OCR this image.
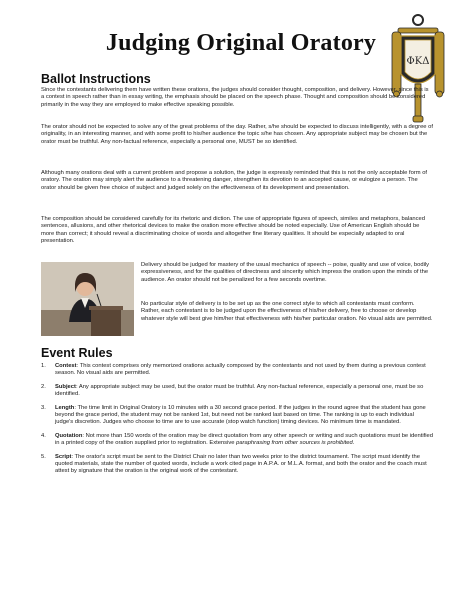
Judging Original Oratory
ΦΚΔ
Ballot Instructions

Since the contestants delivering them have written these orations, the judges should consider thought, composition, and delivery. However, since this is a contest in speech rather than in essay writing, the emphasis should be placed on the speech phase. Thought and composition should be considered primarily in the way they are employed to make effective speaking possible.

The orator should not be expected to solve any of the great problems of the day. Rather, s/he should be expected to discuss intelligently, with a degree of originality, in an interesting manner, and with some profit to his/her audience the topic s/he has chosen. Any appropriate subject may be chosen but the orator must be truthful. Any non-factual reference, especially a personal one, MUST be so identified.

Although many orations deal with a current problem and propose a solution, the judge is expressly reminded that this is not the only acceptable form of oratory. The oration may simply alert the audience to a threatening danger, strengthen its devotion to an accepted cause, or eulogize a person. The orator should be given free choice of subject and judged solely on the effectiveness of its development and presentation.

The composition should be considered carefully for its rhetoric and diction. The use of appropriate figures of speech, similes and metaphors, balanced sentences, allusions, and other rhetorical devices to make the oration more effective should be noted especially. Use of American English should be more than correct; it should reveal a discriminating choice of words and altogether fine literary qualities. It should be especially adapted to oral presentation.

Delivery should be judged for mastery of the usual mechanics of speech -- poise, quality and use of voice, bodily expressiveness, and for the qualities of directness and sincerity which impress the oration upon the minds of the audience. An orator should not be penalized for a few seconds overtime.

No particular style of delivery is to be set up as the one correct style to which all contestants must conform. Rather, each contestant is to be judged upon the effectiveness of his/her delivery, free to choose or develop whatever style will best give him/her that effectiveness with his/her particular oration. No visual aids are permitted.

Event Rules
1. Contest: This contest comprises only memorized orations actually composed by the contestants and not used by them during a previous contest season. No visual aids are permitted.
2. Subject: Any appropriate subject may be used, but the orator must be truthful. Any non-factual reference, especially a personal one, must be so identified.
3. Length: The time limit in Original Oratory is 10 minutes with a 30 second grace period. If the judges in the round agree that the student has gone beyond the grace period, the student may not be ranked 1st, but need not be ranked last based on time. The ranking is up to each individual judge's discretion. Judges who choose to time are to use accurate (stop watch function) timing devices. No minimum time is mandated.
4. Quotation: Not more than 150 words of the oration may be direct quotation from any other speech or writing and such quotations must be identified in a printed copy of the oration supplied prior to registration. Extensive paraphrasing from other sources is prohibited.
5. Script: The orator's script must be sent to the District Chair no later than two weeks prior to the district tournament. The script must identify the quoted materials, state the number of quoted words, include a work cited page in A.P.A. or M.L.A. format, and both the orator and the coach must attest by signature that the oration is the original work of the contestant.
